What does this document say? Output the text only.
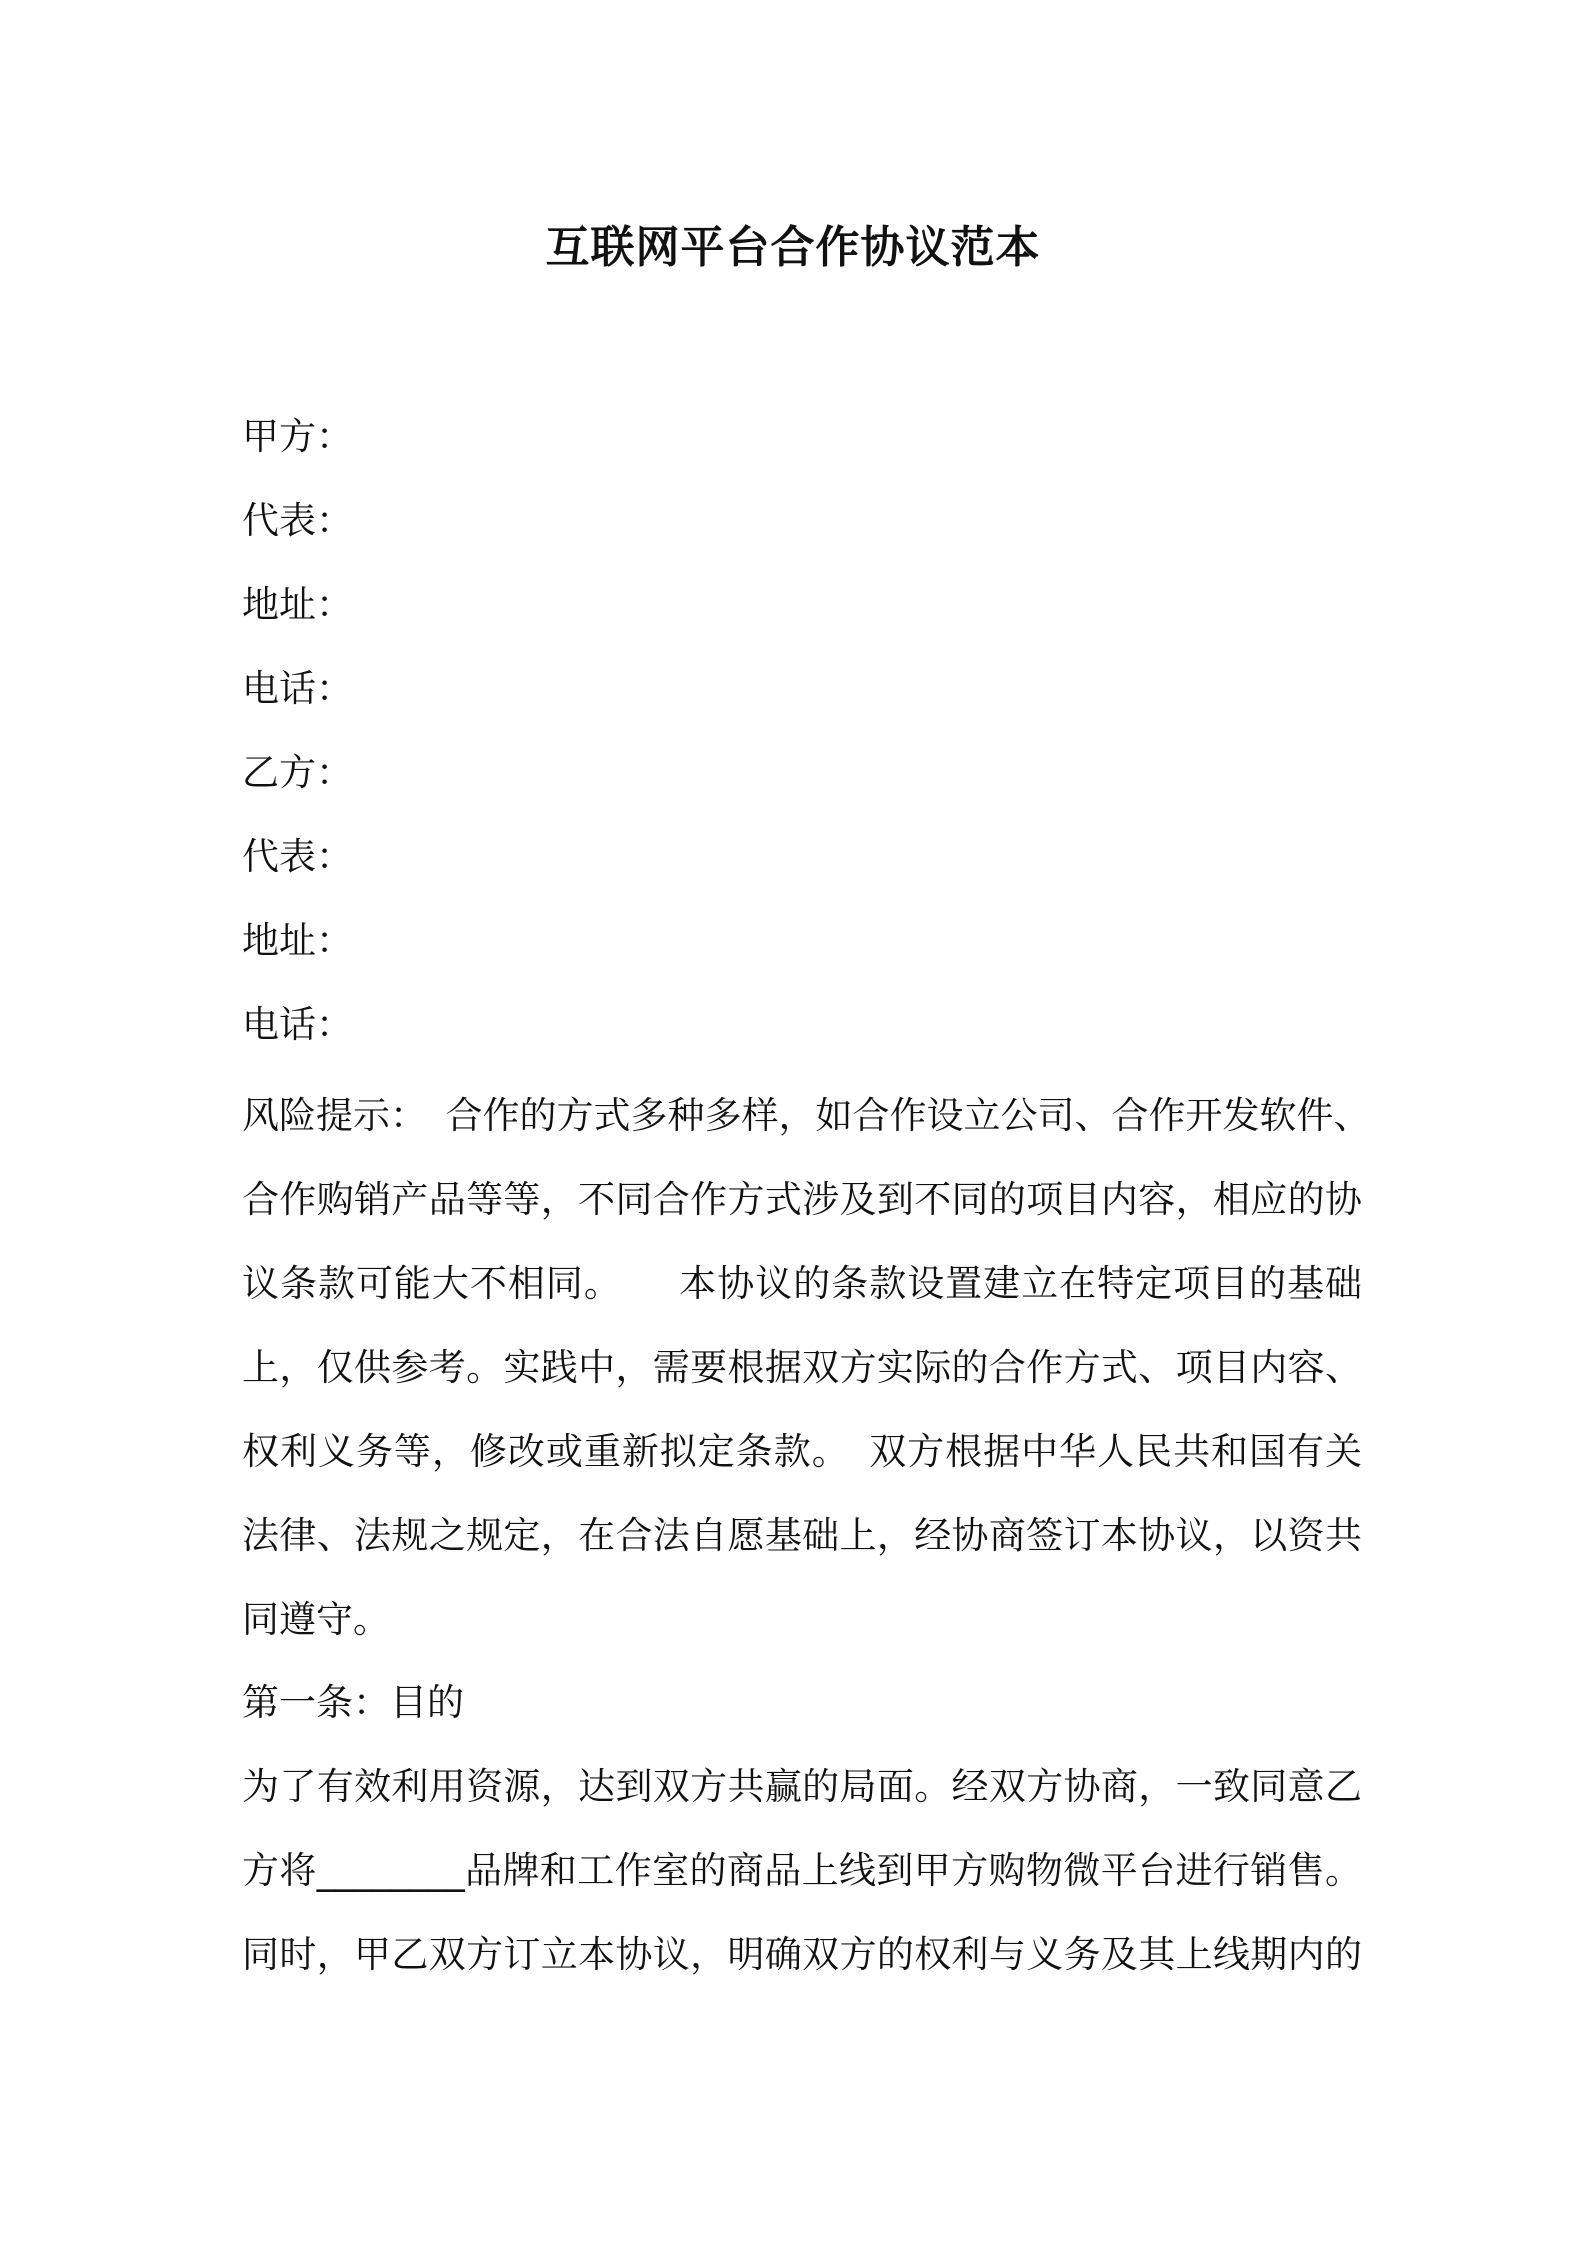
互联网平台合作协议范本
甲方：
代表：
地址：
电话：
乙方：
代表：
地址：
电话：
风险提示：　合作的方式多种多样，如合作设立公司、合作开发软件、
合作购销产品等等，不同合作方式涉及到不同的项目内容，相应的协
议条款可能大不相同。　　本协议的条款设置建立在特定项目的基础
上，仅供参考。实践中，需要根据双方实际的合作方式、项目内容、
权利义务等，修改或重新拟定条款。　双方根据中华人民共和国有关
法律、法规之规定，在合法自愿基础上，经协商签订本协议，以资共
同遵守。
第一条：目的
为了有效利用资源，达到双方共赢的局面。经双方协商，一致同意乙
方将________品牌和工作室的商品上线到甲方购物微平台进行销售。
同时，甲乙双方订立本协议，明确双方的权利与义务及其上线期内的
